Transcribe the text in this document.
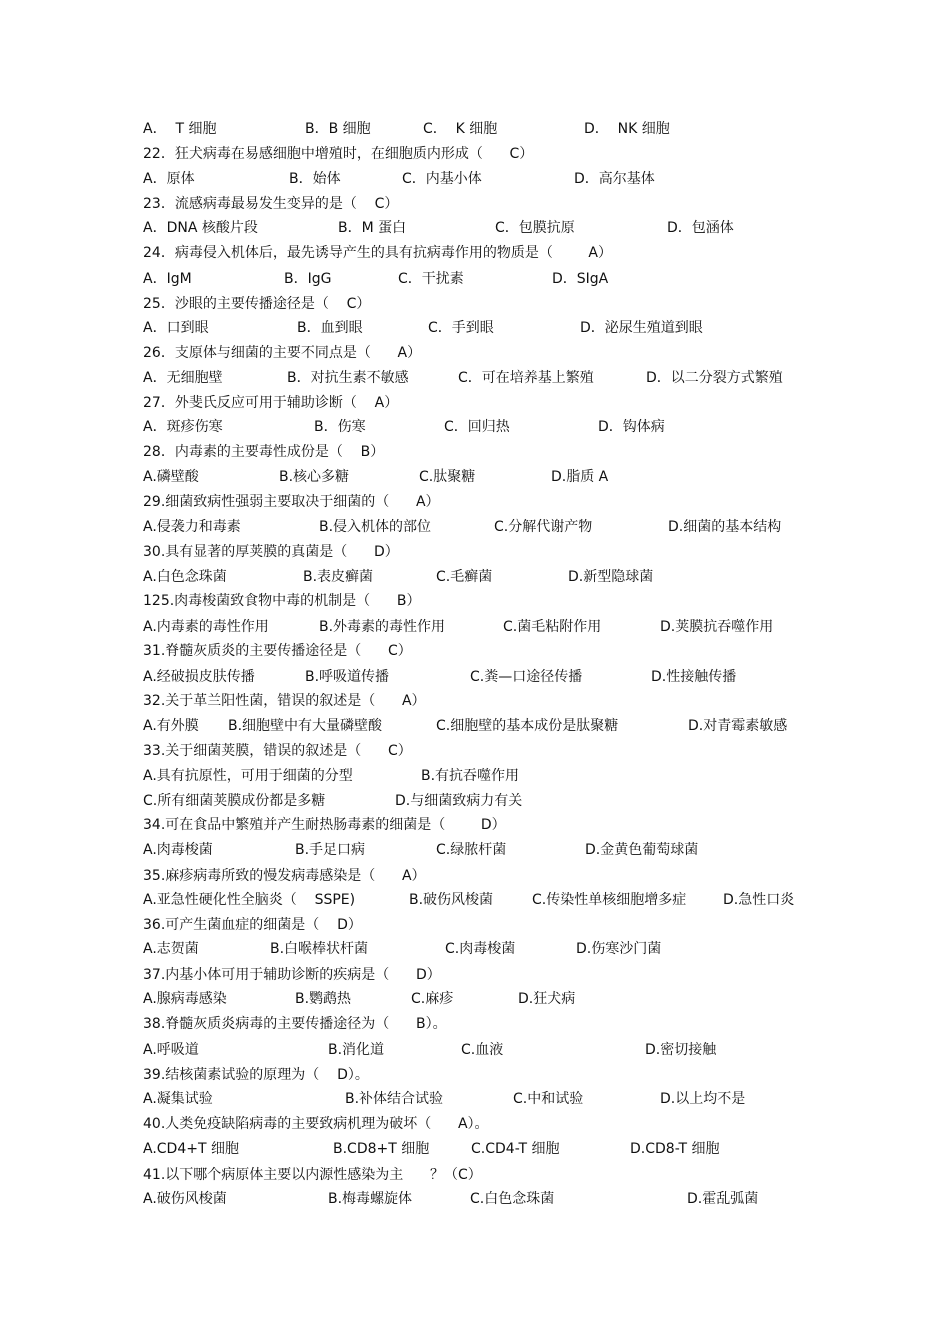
A．  T 细胞	B．B 细胞	C．  K 细胞	D．  NK 细胞
22．狂犬病毒在易感细胞中增殖时，在细胞质内形成（      C）
A．原体	B．始体	C．内基小体	D．高尔基体
23．流感病毒最易发生变异的是（    C）
A．DNA 核酸片段	B．M 蛋白	C．包膜抗原	D．包涵体
24．病毒侵入机体后，最先诱导产生的具有抗病毒作用的物质是（        A）
A．IgM	B．IgG	C．干扰素	D．SIgA
25．沙眼的主要传播途径是（    C）
A．口到眼	B．血到眼	C．手到眼	D．泌尿生殖道到眼
26．支原体与细菌的主要不同点是（      A）
A．无细胞壁	B．对抗生素不敏感	C．可在培养基上繁殖	D．以二分裂方式繁殖
27．外斐氏反应可用于辅助诊断（    A）
A．斑疹伤寒	B．伤寒	C．回归热	D．钩体病
28．内毒素的主要毒性成份是（    B）
A.磷壁酸	B.核心多糖	C.肽聚糖	D.脂质 A
29.细菌致病性强弱主要取决于细菌的（      A）
A.侵袭力和毒素	B.侵入机体的部位	C.分解代谢产物	D.细菌的基本结构
30.具有显著的厚荚膜的真菌是（      D）
A.白色念珠菌	B.表皮癣菌	C.毛癣菌	D.新型隐球菌
125.肉毒梭菌致食物中毒的机制是（      B）
A.内毒素的毒性作用	B.外毒素的毒性作用	C.菌毛粘附作用	D.荚膜抗吞噬作用
31.脊髓灰质炎的主要传播途径是（      C）
A.经破损皮肤传播	B.呼吸道传播	C.粪—口途径传播	D.性接触传播
32.关于革兰阳性菌，错误的叙述是（      A）
A.有外膜 B.细胞壁中有大量磷壁酸	C.细胞壁的基本成份是肽聚糖	D.对青霉素敏感
33.关于细菌荚膜，错误的叙述是（      C）
A.具有抗原性，可用于细菌的分型	B.有抗吞噬作用
C.所有细菌荚膜成份都是多糖	D.与细菌致病力有关
34.可在食品中繁殖并产生耐热肠毒素的细菌是（        D）
A.肉毒梭菌	B.手足口病	C.绿脓杆菌	D.金黄色葡萄球菌
35.麻疹病毒所致的慢发病毒感染是（      A）
A.亚急性硬化性全脑炎（    SSPE)	B.破伤风梭菌	C.传染性单核细胞增多症	D.急性口炎
36.可产生菌血症的细菌是（    D）
A.志贺菌	B.白喉棒状杆菌	C.肉毒梭菌	D.伤寒沙门菌
37.内基小体可用于辅助诊断的疾病是（      D）
A.腺病毒感染	B.鹦鹉热	C.麻疹	D.狂犬病
38.脊髓灰质炎病毒的主要传播途径为（      B）。
A.呼吸道	B.消化道	C.血液	D.密切接触
39.结核菌素试验的原理为（    D）。
A.凝集试验	B.补体结合试验	C.中和试验	D.以上均不是
40.人类免疫缺陷病毒的主要致病机理为破坏（      A）。
A.CD4+T 细胞	B.CD8+T 细胞	C.CD4-T 细胞	D.CD8-T 细胞
41.以下哪个病原体主要以内源性感染为主      ？（C）
A.破伤风梭菌	B.梅毒螺旋体	C.白色念珠菌	D.霍乱弧菌
